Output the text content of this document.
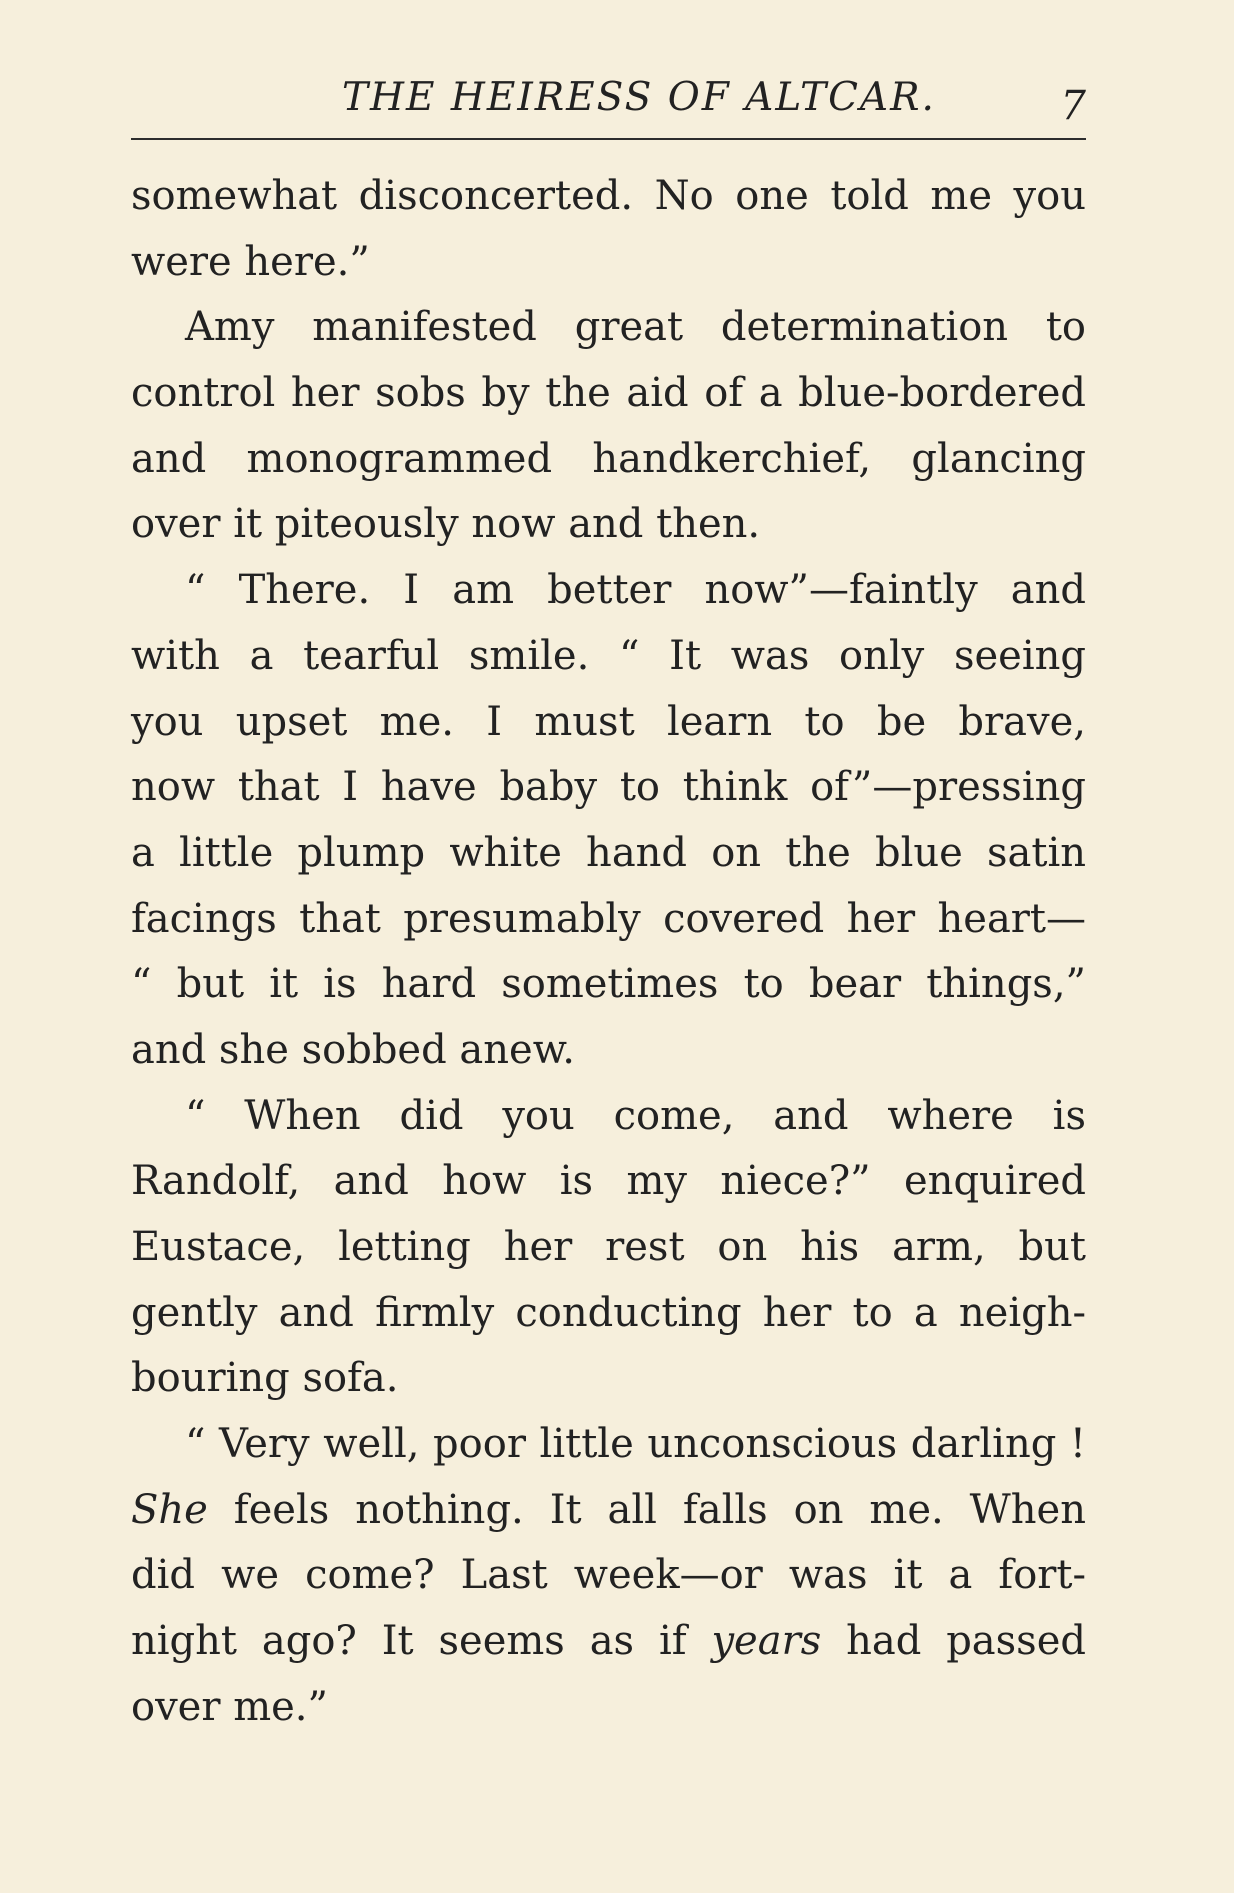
THE HEIRESS OF ALTCAR.	7
somewhat disconcerted. No one told me you
were here.”
Amy manifested great determination to
control her sobs by the aid of a blue-bordered
and monogrammed handkerchief, glancing
over it piteously now and then.
“ There. I am better now”—faintly and
with a tearful smile. “ It was only seeing
you upset me. I must learn to be brave,
now that I have baby to think of”—pressing
a little plump white hand on the blue satin
facings that presumably covered her heart—
“ but it is hard sometimes to bear things,”
and she sobbed anew.
“ When did you come, and where is
Randolf, and how is my niece?” enquired
Eustace, letting her rest on his arm, but
gently and firmly conducting her to a neigh-
bouring sofa.
“ Very well, poor little unconscious darling !
She feels nothing. It all falls on me. When
did we come? Last week—or was it a fort-
night ago? It seems as if years had passed
over me.”
